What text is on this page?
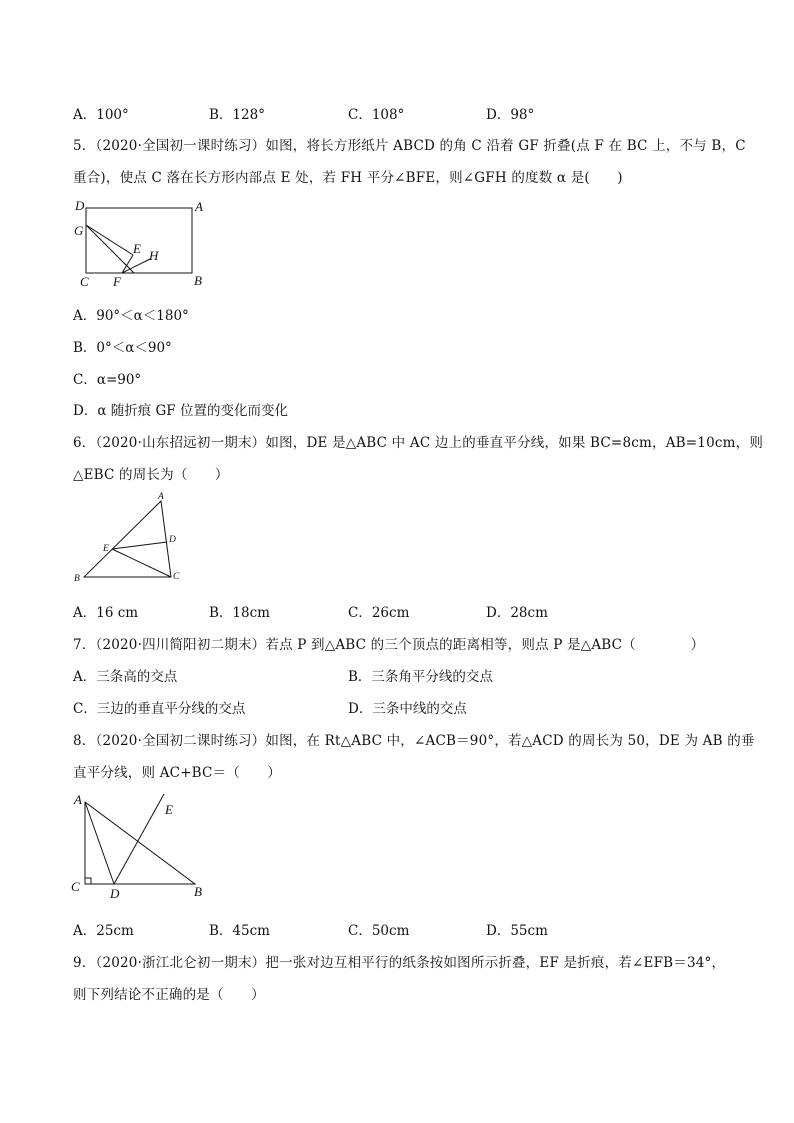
A．100°	B．128°	C．108°	D．98°
5．（2020·全国初一课时练习）如图，将长方形纸片 ABCD 的角 C 沿着 GF 折叠(点 F 在 BC 上，不与 B，C
重合)，使点 C 落在长方形内部点 E 处，若 FH 平分∠BFE，则∠GFH 的度数 α 是(　　)
D	A
G
E H
C F	B
A．90°＜α＜180°
B．0°＜α＜90°
C．α=90°
D．α 随折痕 GF 位置的变化而变化
6．（2020·山东招远初一期末）如图，DE 是△ABC 中 AC 边上的垂直平分线，如果 BC=8cm，AB=10cm，则
△EBC 的周长为（　　）
A
D
E
B	C
A．16 cm	B．18cm	C．26cm	D．28cm
7．（2020·四川简阳初二期末）若点 P 到△ABC 的三个顶点的距离相等，则点 P 是△ABC（　　　　）
A．三条高的交点	B．三条角平分线的交点
C．三边的垂直平分线的交点	D．三条中线的交点
8．（2020·全国初二课时练习）如图，在 Rt△ABC 中，∠ACB＝90°，若△ACD 的周长为 50，DE 为 AB 的垂
直平分线，则 AC+BC＝（　　）
A
E
C D	B
A．25cm	B．45cm	C．50cm	D．55cm
9．（2020·浙江北仑初一期末）把一张对边互相平行的纸条按如图所示折叠，EF 是折痕，若∠EFB＝34°，
则下列结论不正确的是（　　）
